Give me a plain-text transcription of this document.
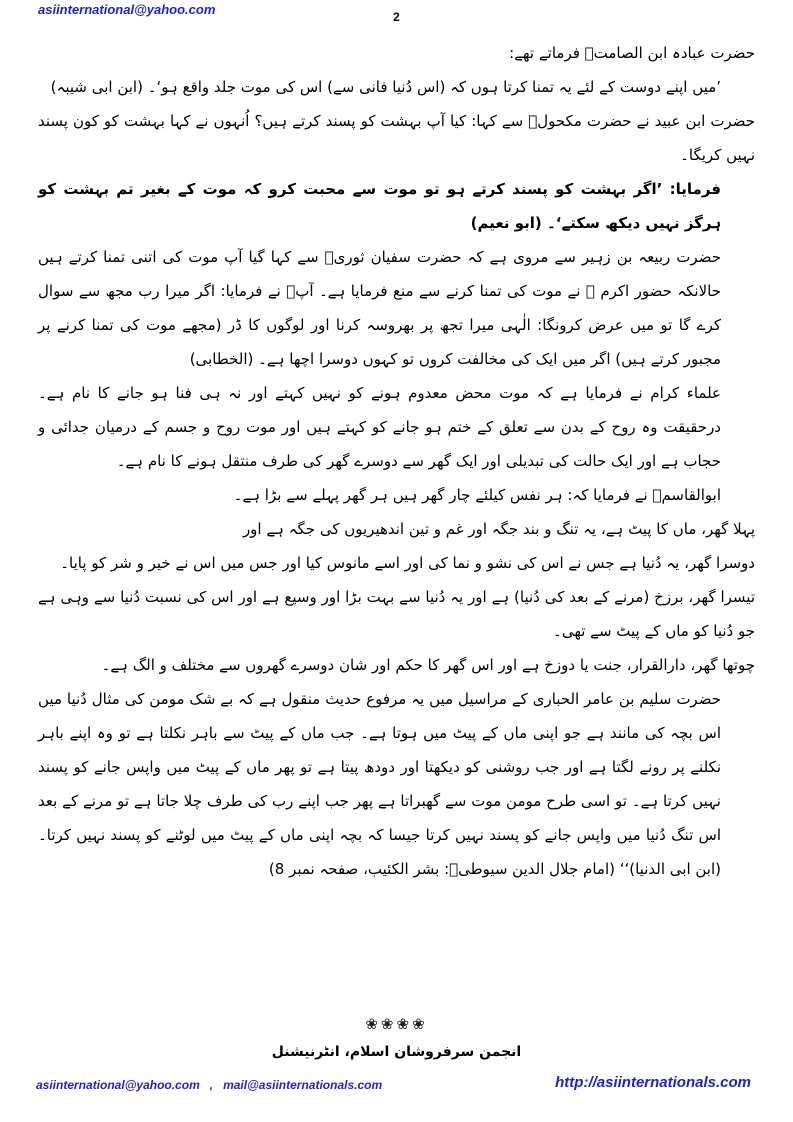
asiinternational@yahoo.com	2

حضرت عبادہ ابن الصامتؓ فرماتے تھے:

’میں اپنے دوست کے لئے یہ تمنا کرتا ہوں کہ (اس دُنیا فانی سے) اس کی موت جلد واقع ہو‘۔ (ابن ابی شیبہ)

حضرت ابن عبید نے حضرت مکحولؒ سے کہا: کیا آپ بہشت کو پسند کرتے ہیں؟ اُنہوں نے کہا بہشت کو کون پسند نہیں کریگا۔

فرمایا: ’اگر بہشت کو پسند کرتے ہو تو موت سے محبت کرو کہ موت کے بغیر تم بہشت کو ہرگز نہیں دیکھ سکتے‘۔ (ابو نعیم)

حضرت ربیعہ بن زہیر سے مروی ہے کہ حضرت سفیان ثوریؒ سے کہا گیا آپ موت کی اتنی تمنا کرتے ہیں حالانکہ حضور اکرم ﷺ نے موت کی تمنا کرنے سے منع فرمایا ہے۔ آپؒ نے فرمایا: اگر میرا رب مجھ سے سوال کرے گا تو میں عرض کرونگا: الٰہی میرا تجھ پر بھروسہ کرنا اور لوگوں کا ڈر (مجھے موت کی تمنا کرنے پر مجبور کرتے ہیں) اگر میں ایک کی مخالفت کروں تو کہوں دوسرا اچھا ہے۔ (الخطابی)

علماء کرام نے فرمایا ہے کہ موت محض معدوم ہونے کو نہیں کہتے اور نہ ہی فنا ہو جانے کا نام ہے۔ درحقیقت وہ روح کے بدن سے تعلق کے ختم ہو جانے کو کہتے ہیں اور موت روح و جسم کے درمیان جدائی و حجاب ہے اور ایک حالت کی تبدیلی اور ایک گھر سے دوسرے گھر کی طرف منتقل ہونے کا نام ہے۔

ابوالقاسمؒ نے فرمایا کہ: ہر نفس کیلئے چار گھر ہیں ہر گھر پہلے سے بڑا ہے۔

پہلا گھر، ماں کا پیٹ ہے، یہ تنگ و بند جگہ اور غم و تین اندھیریوں کی جگہ ہے اور

دوسرا گھر، یہ دُنیا ہے جس نے اس کی نشو و نما کی اور اسے مانوس کیا اور جس میں اس نے خیر و شر کو پایا۔

تیسرا گھر، برزخ (مرنے کے بعد کی دُنیا) ہے اور یہ دُنیا سے بہت بڑا اور وسیع ہے اور اس کی نسبت دُنیا سے وہی ہے جو دُنیا کو ماں کے پیٹ سے تھی۔

چوتھا گھر، دارالقرار، جنت یا دوزخ ہے اور اس گھر کا حکم اور شان دوسرے گھروں سے مختلف و الگ ہے۔

حضرت سلیم بن عامر الحباری کے مراسیل میں یہ مرفوع حدیث منقول ہے کہ بے شک مومن کی مثال دُنیا میں اس بچہ کی مانند ہے جو اپنی ماں کے پیٹ میں ہوتا ہے۔ جب ماں کے پیٹ سے باہر نکلتا ہے تو وہ اپنے باہر نکلنے پر رونے لگتا ہے اور جب روشنی کو دیکھتا اور دودھ پیتا ہے تو پھر ماں کے پیٹ میں واپس جانے کو پسند نہیں کرتا ہے۔ تو اسی طرح مومن موت سے گھبراتا ہے پھر جب اپنے رب کی طرف چلا جاتا ہے تو مرنے کے بعد اس تنگ دُنیا میں واپس جانے کو پسند نہیں کرتا جیسا کہ بچہ اپنی ماں کے پیٹ میں لوٹنے کو پسند نہیں کرتا۔ (ابن ابی الدنیا)‘‘ (امام جلال الدین سیوطیؒ: بشر الکئیب، صفحہ نمبر 8)

❀❀❀❀
انجمن سرفروشان اسلام، انٹرنیشنل
asiinternational@yahoo.com   ,   mail@asiinternationals.com	http://asiinternationals.com
